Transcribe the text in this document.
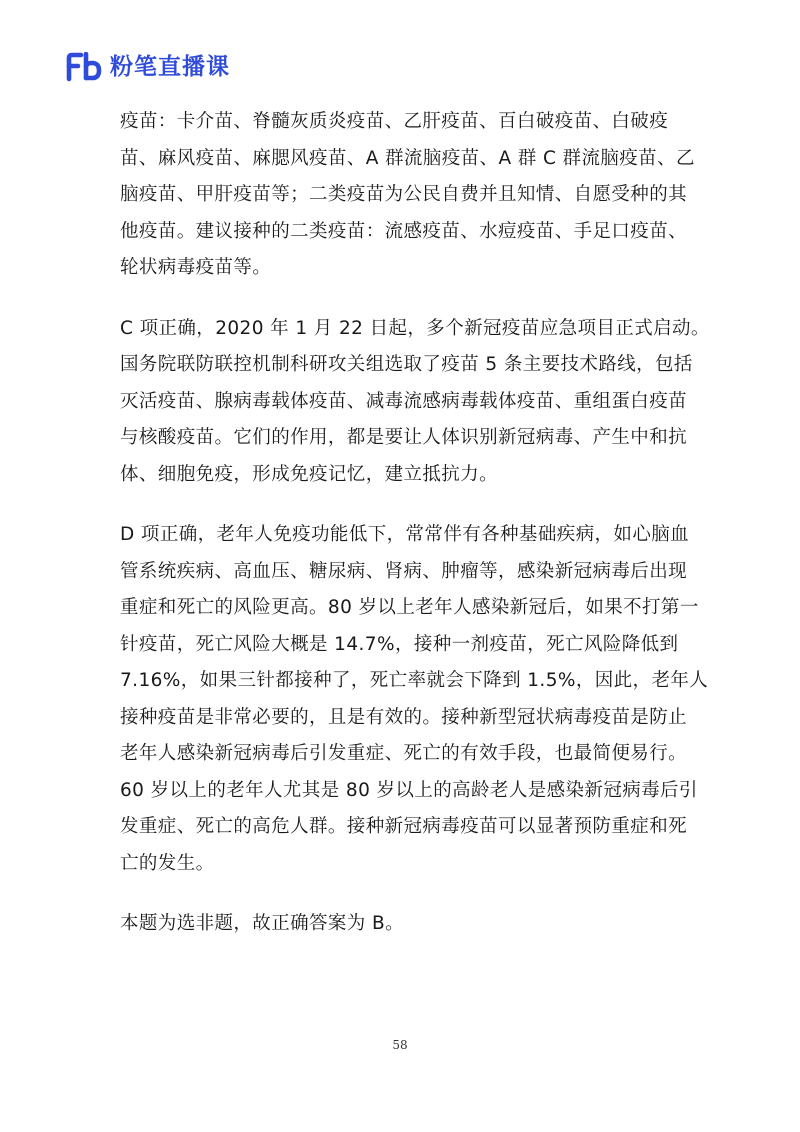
粉笔直播课
疫苗：卡介苗、脊髓灰质炎疫苗、乙肝疫苗、百白破疫苗、白破疫
苗、麻风疫苗、麻腮风疫苗、A 群流脑疫苗、A 群 C 群流脑疫苗、乙
脑疫苗、甲肝疫苗等；二类疫苗为公民自费并且知情、自愿受种的其
他疫苗。建议接种的二类疫苗：流感疫苗、水痘疫苗、手足口疫苗、
轮状病毒疫苗等。
C 项正确，2020 年 1 月 22 日起，多个新冠疫苗应急项目正式启动。
国务院联防联控机制科研攻关组选取了疫苗 5 条主要技术路线，包括
灭活疫苗、腺病毒载体疫苗、减毒流感病毒载体疫苗、重组蛋白疫苗
与核酸疫苗。它们的作用，都是要让人体识别新冠病毒、产生中和抗
体、细胞免疫，形成免疫记忆，建立抵抗力。
D 项正确，老年人免疫功能低下，常常伴有各种基础疾病，如心脑血
管系统疾病、高血压、糖尿病、肾病、肿瘤等，感染新冠病毒后出现
重症和死亡的风险更高。80 岁以上老年人感染新冠后，如果不打第一
针疫苗，死亡风险大概是 14.7%，接种一剂疫苗，死亡风险降低到
7.16%，如果三针都接种了，死亡率就会下降到 1.5%，因此，老年人
接种疫苗是非常必要的，且是有效的。接种新型冠状病毒疫苗是防止
老年人感染新冠病毒后引发重症、死亡的有效手段，也最简便易行。
60 岁以上的老年人尤其是 80 岁以上的高龄老人是感染新冠病毒后引
发重症、死亡的高危人群。接种新冠病毒疫苗可以显著预防重症和死
亡的发生。
本题为选非题，故正确答案为 B。
58
